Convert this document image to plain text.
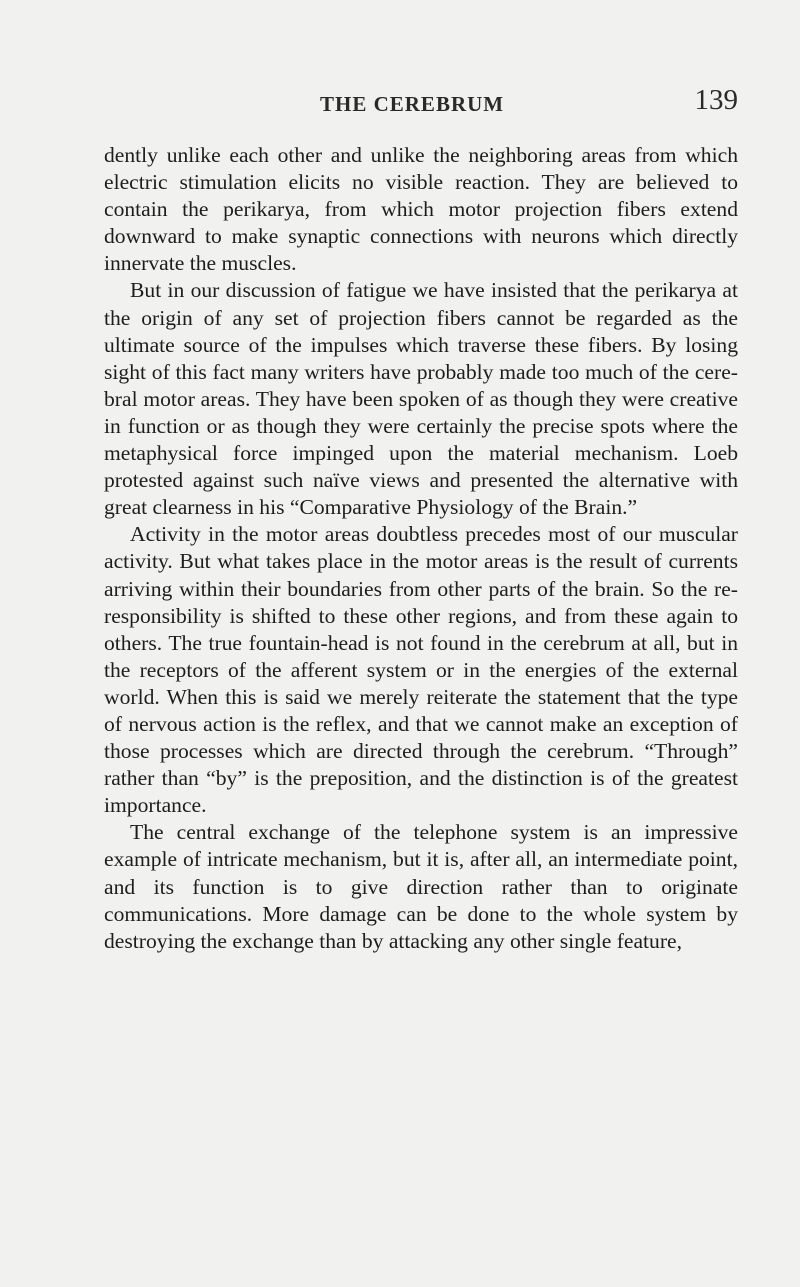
THE CEREBRUM	139

dently unlike each other and unlike the neighboring areas from which electric stimulation elicits no visible reaction. They are believed to contain the perikarya, from which motor projection fibers extend downward to make synaptic connections with neurons which directly innervate the muscles.

But in our discussion of fatigue we have insisted that the perikarya at the origin of any set of projection fibers cannot be regarded as the ultimate source of the impulses which traverse these fibers. By losing sight of this fact many writers have probably made too much of the cerebral motor areas. They have been spoken of as though they were creative in function or as though they were certainly the precise spots where the metaphysical force impinged upon the material mechanism. Loeb protested against such naïve views and presented the alternative with great clearness in his “Comparative Physiology of the Brain.”

Activity in the motor areas doubtless precedes most of our muscular activity. But what takes place in the motor areas is the result of currents arriving within their boundaries from other parts of the brain. So the reresponsibility is shifted to these other regions, and from these again to others. The true fountain-head is not found in the cerebrum at all, but in the receptors of the afferent system or in the energies of the external world. When this is said we merely reiterate the statement that the type of nervous action is the reflex, and that we cannot make an exception of those processes which are directed through the cerebrum. “Through” rather than “by” is the preposition, and the distinction is of the greatest importance.

The central exchange of the telephone system is an impressive example of intricate mechanism, but it is, after all, an intermediate point, and its function is to give direction rather than to originate communications. More damage can be done to the whole system by destroying the exchange than by attacking any other single feature,
